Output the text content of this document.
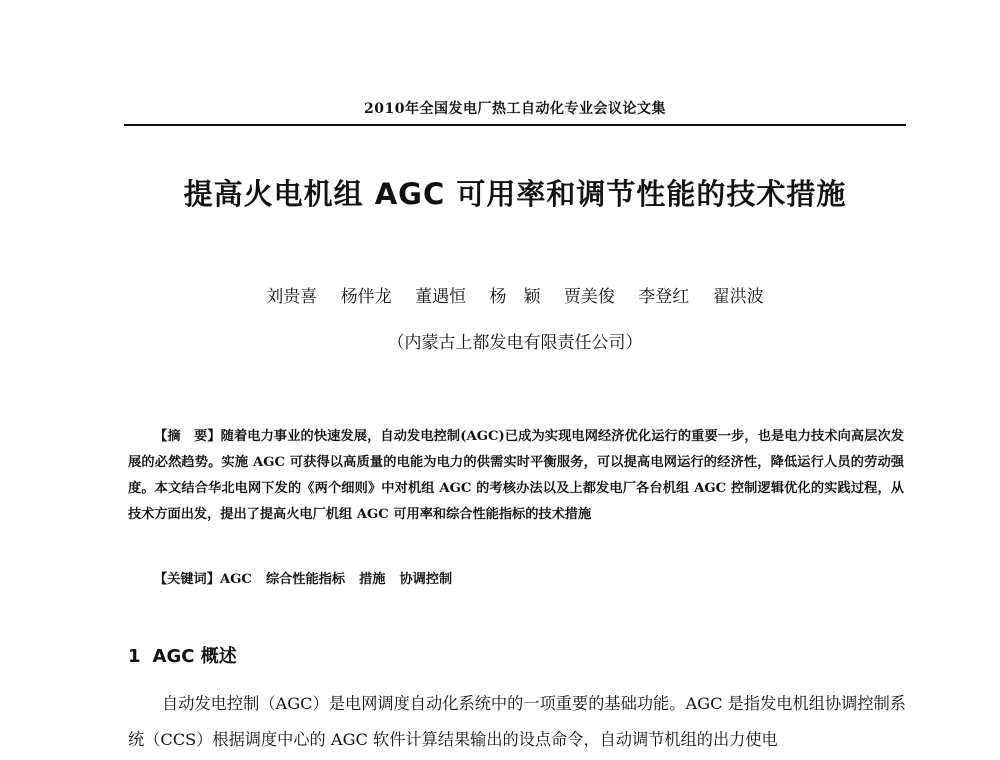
2010年全国发电厂热工自动化专业会议论文集
提高火电机组 AGC 可用率和调节性能的技术措施
刘贵喜 杨伴龙 董遇恒 杨　颖 贾美俊 李登红 翟洪波
（内蒙古上都发电有限责任公司）
【摘　要】随着电力事业的快速发展，自动发电控制(AGC)已成为实现电网经济优化运行的重要一步，也是电力技术向高层次发展的必然趋势。实施 AGC 可获得以高质量的电能为电力的供需实时平衡服务，可以提高电网运行的经济性，降低运行人员的劳动强度。本文结合华北电网下发的《两个细则》中对机组 AGC 的考核办法以及上都发电厂各台机组 AGC 控制逻辑优化的实践过程，从技术方面出发，提出了提高火电厂机组 AGC 可用率和综合性能指标的技术措施
【关键词】AGC 综合性能指标 措施 协调控制
1 AGC 概述
自动发电控制（AGC）是电网调度自动化系统中的一项重要的基础功能。AGC 是指发电机组协调控制系统（CCS）根据调度中心的 AGC 软件计算结果输出的设点命令，自动调节机组的出力使电
